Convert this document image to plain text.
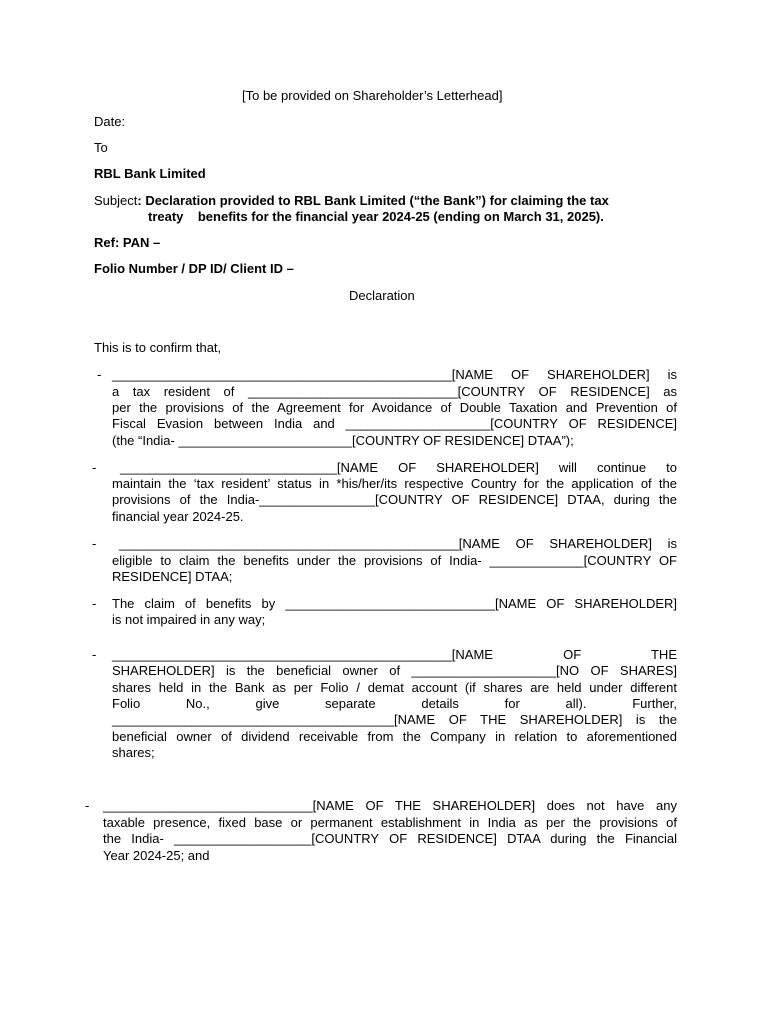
[To be provided on Shareholder’s Letterhead]
Date:
To
RBL Bank Limited
Subject: Declaration provided to RBL Bank Limited (“the Bank”) for claiming the tax
treaty    benefits for the financial year 2024-25 (ending on March 31, 2025).
Ref: PAN –
Folio Number / DP ID/ Client ID –
Declaration
This is to confirm that,
- _______________________________________________[NAME OF SHAREHOLDER] is
a tax resident of _____________________________[COUNTRY OF RESIDENCE] as
per the provisions of the Agreement for Avoidance of Double Taxation and Prevention of
Fiscal Evasion between India and ____________________[COUNTRY OF RESIDENCE]
(the “India- ________________________[COUNTRY OF RESIDENCE] DTAA”);
- ______________________________[NAME OF SHAREHOLDER] will continue to
maintain the ‘tax resident’ status in *his/her/its respective Country for the application of the
provisions of the India-________________[COUNTRY OF RESIDENCE] DTAA, during the
financial year 2024-25.
- _______________________________________________[NAME OF SHAREHOLDER] is
eligible to claim the benefits under the provisions of India- _____________[COUNTRY OF
RESIDENCE] DTAA;
- The claim of benefits by _____________________________[NAME OF SHAREHOLDER]
is not impaired in any way;
- _______________________________________________[NAME OF THE
SHAREHOLDER] is the beneficial owner of ____________________[NO OF SHARES]
shares held in the Bank as per Folio / demat account (if shares are held under different
Folio No., give separate details for all). Further,
_______________________________________[NAME OF THE SHAREHOLDER] is the
beneficial owner of dividend receivable from the Company in relation to aforementioned
shares;
- _____________________________[NAME OF THE SHAREHOLDER] does not have any
taxable presence, fixed base or permanent establishment in India as per the provisions of
the India- ___________________[COUNTRY OF RESIDENCE] DTAA during the Financial
Year 2024-25; and
